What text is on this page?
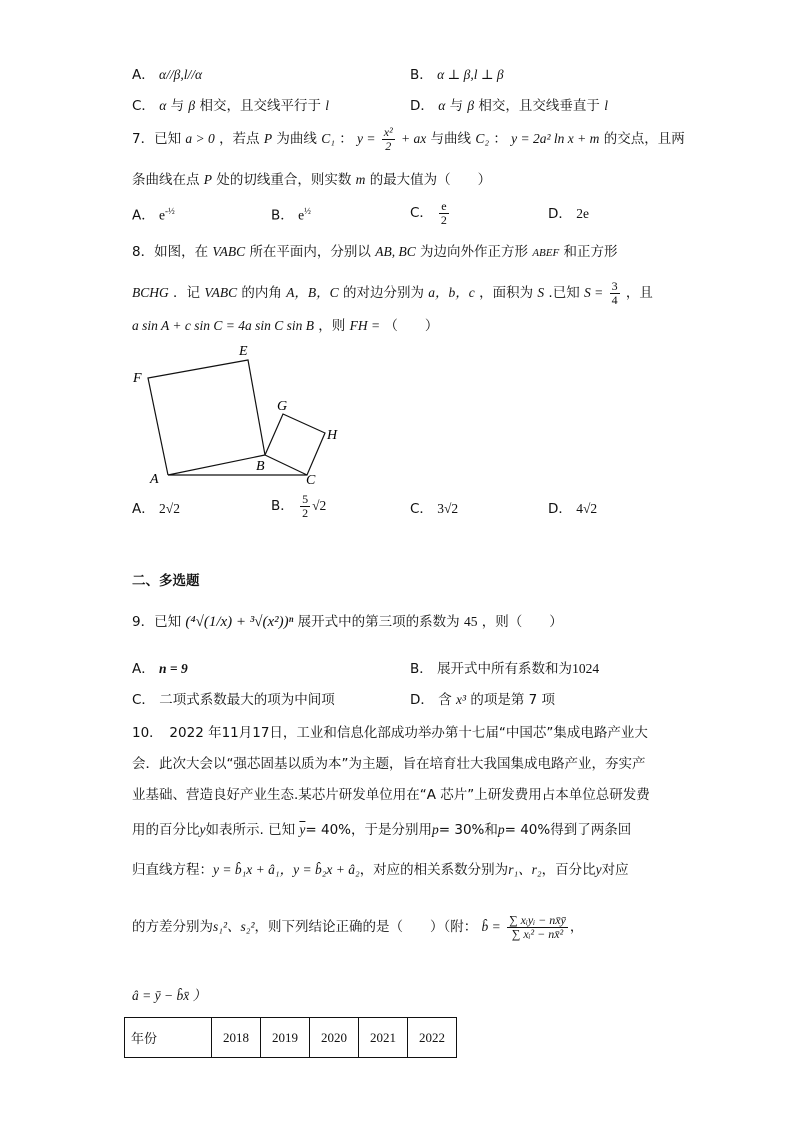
A． α//β,l//α	B． α ⊥ β,l ⊥ β
C． α 与 β 相交，且交线平行于 l	D． α 与 β 相交，且交线垂直于 l
7．已知 a > 0 ，若点 P 为曲线 C₁ ： $y = \frac{\text{x²}}{2}$ + ax 与曲线 C₂ ： y = 2a² ln x + m 的交点，且两
条曲线在点 P 处的切线重合，则实数 m 的最大值为（　　）
A． $e^{-\frac{1}{2}}$	B． $e^{\frac{1}{2}}$	C． $\frac{e}{2}$	D． 2e
8．如图，在 VABC 所在平面内，分别以 AB, BC 为边向外作正方形 ABEF 和正方形
BCHG ．记 VABC 的内角 A，B，C 的对边分别为 a，b，c ，面积为 S .已知 $S = \frac{3}{4}$ ，且
a sin A + c sin C = 4a sin C sin B ，则 FH = （　　）
E
F
G
H
A
B
C
A． 2√2	B． $\frac{5}{2} √2$	C． 3√2	D． 4√2
二、多选题
9．已知 (⁴√(1/x) + ³√(x²))ⁿ 展开式中的第三项的系数为 45 ，则（　　）
A． n = 9	B． 展开式中所有系数和为1024
C． 二项式系数最大的项为中间项	D． 含 x³ 的项是第 7 项
10．　2022 年11月17日，工业和信息化部成功举办第十七届“中国芯”集成电路产业大
会．此次大会以“强芯固基以质为本”为主题，旨在培育壮大我国集成电路产业，夯实产
业基础、营造良好产业生态.某芯片研发单位用在“A 芯片”上研发费用占本单位总研发费
用的百分比y如表所示. 已知 $\overline{y}= 40\%$，于是分别用p= 30%和p= 40%得到了两条回
归直线方程：y = b̂₁x + â₁，y = b̂₂x + â₂，对应的相关系数分别为r₁、r₂，百分比y对应
的方差分别为s₁²、s₂²，则下列结论正确的是（　　）（附： b̂ = $\frac{\text{∑ xᵢyᵢ − nx̄ȳ}}{\text{∑ xᵢ² − nx̄²}}$ ，
â = ȳ − b̂x̄ ）
年份	2018	2019	2020	2021	2022
